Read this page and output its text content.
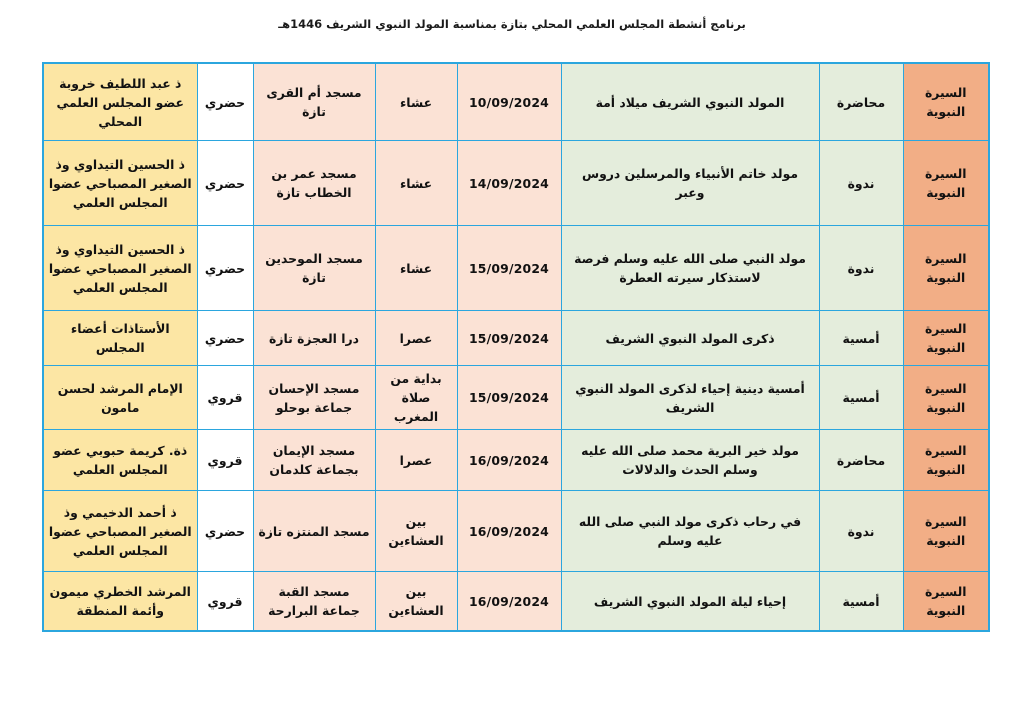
برنامج أنشطة المجلس العلمي المحلي بتازة بمناسبة المولد النبوي الشريف 1446هـ
السيرة النبوية	محاضرة	المولد النبوي الشريف ميلاد أمة	10/09/2024	عشاء	مسجد أم القرى تازة	حضري	ذ عبد اللطيف خروبة عضو المجلس العلمي المحلي
السيرة النبوية	ندوة	مولد خاتم الأنبياء والمرسلين دروس وعبر	14/09/2024	عشاء	مسجد عمر بن الخطاب تازة	حضري	ذ الحسين التيداوي وذ الصغير المصباحي عضوا المجلس العلمي
السيرة النبوية	ندوة	مولد النبي صلى الله عليه وسلم فرصة لاستذكار سيرته العطرة	15/09/2024	عشاء	مسجد الموحدين تازة	حضري	ذ الحسين التيداوي وذ الصغير المصباحي عضوا المجلس العلمي
السيرة النبوية	أمسية	ذكرى المولد النبوي الشريف	15/09/2024	عصرا	درا العجزة تازة	حضري	الأستاذات أعضاء المجلس
السيرة النبوية	أمسية	أمسية دينية إحياء لذكرى المولد النبوي الشريف	15/09/2024	بداية من صلاة المغرب	مسجد الإحسان جماعة بوحلو	قروي	الإمام المرشد لحسن مامون
السيرة النبوية	محاضرة	مولد خير البرية محمد صلى الله عليه وسلم الحدث والدلالات	16/09/2024	عصرا	مسجد الإيمان بجماعة كلدمان	قروي	ذة. كريمة حبوبي عضو المجلس العلمي
السيرة النبوية	ندوة	في رحاب ذكرى مولد النبي صلى الله عليه وسلم	16/09/2024	بين العشاءين	مسجد المنتزه تازة	حضري	ذ أحمد الدخيمي وذ الصغير المصباحي عضوا المجلس العلمي
السيرة النبوية	أمسية	إحياء ليلة المولد النبوي الشريف	16/09/2024	بين العشاءين	مسجد القبة جماعة البرارحة	قروي	المرشد الخطري ميمون وأئمة المنطقة
